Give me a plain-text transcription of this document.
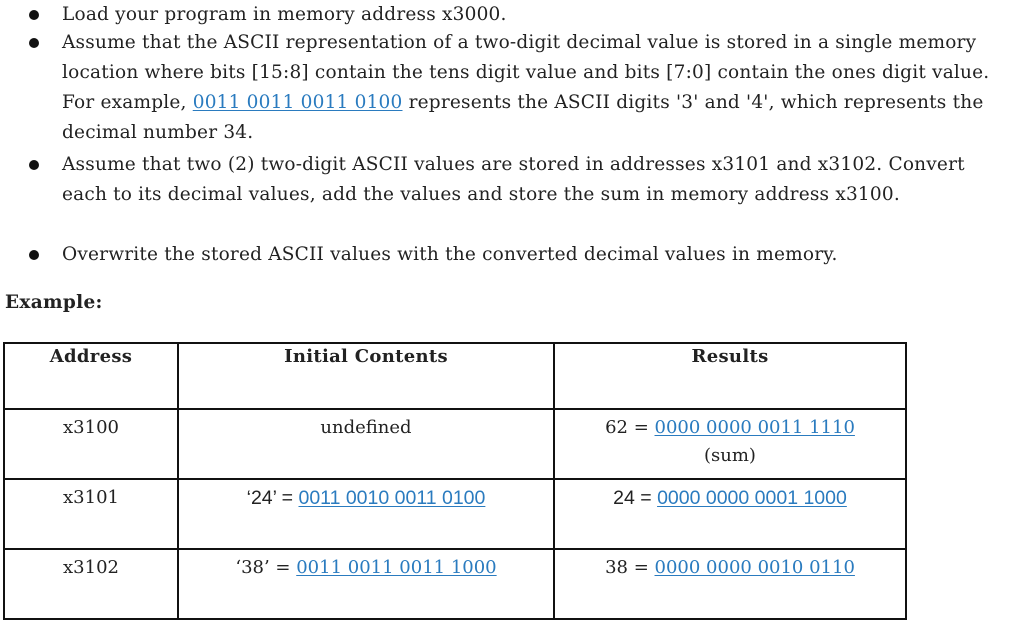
Load your program in memory address x3000.
Assume that the ASCII representation of a two-digit decimal value is stored in a single memory location where bits [15:8] contain the tens digit value and bits [7:0] contain the ones digit value. For example, 0011 0011 0011 0100 represents the ASCII digits '3' and '4', which represents the decimal number 34.
Assume that two (2) two-digit ASCII values are stored in addresses x3101 and x3102. Convert each to its decimal values, add the values and store the sum in memory address x3100.
Overwrite the stored ASCII values with the converted decimal values in memory.
Example:
Address	Initial Contents	Results
x3100	undefined	62 = 0000 0000 0011 1110
(sum)
x3101	‘24’ = 0011 0010 0011 0100	24 = 0000 0000 0001 1000
x3102	‘38’ = 0011 0011 0011 1000	38 = 0000 0000 0010 0110
